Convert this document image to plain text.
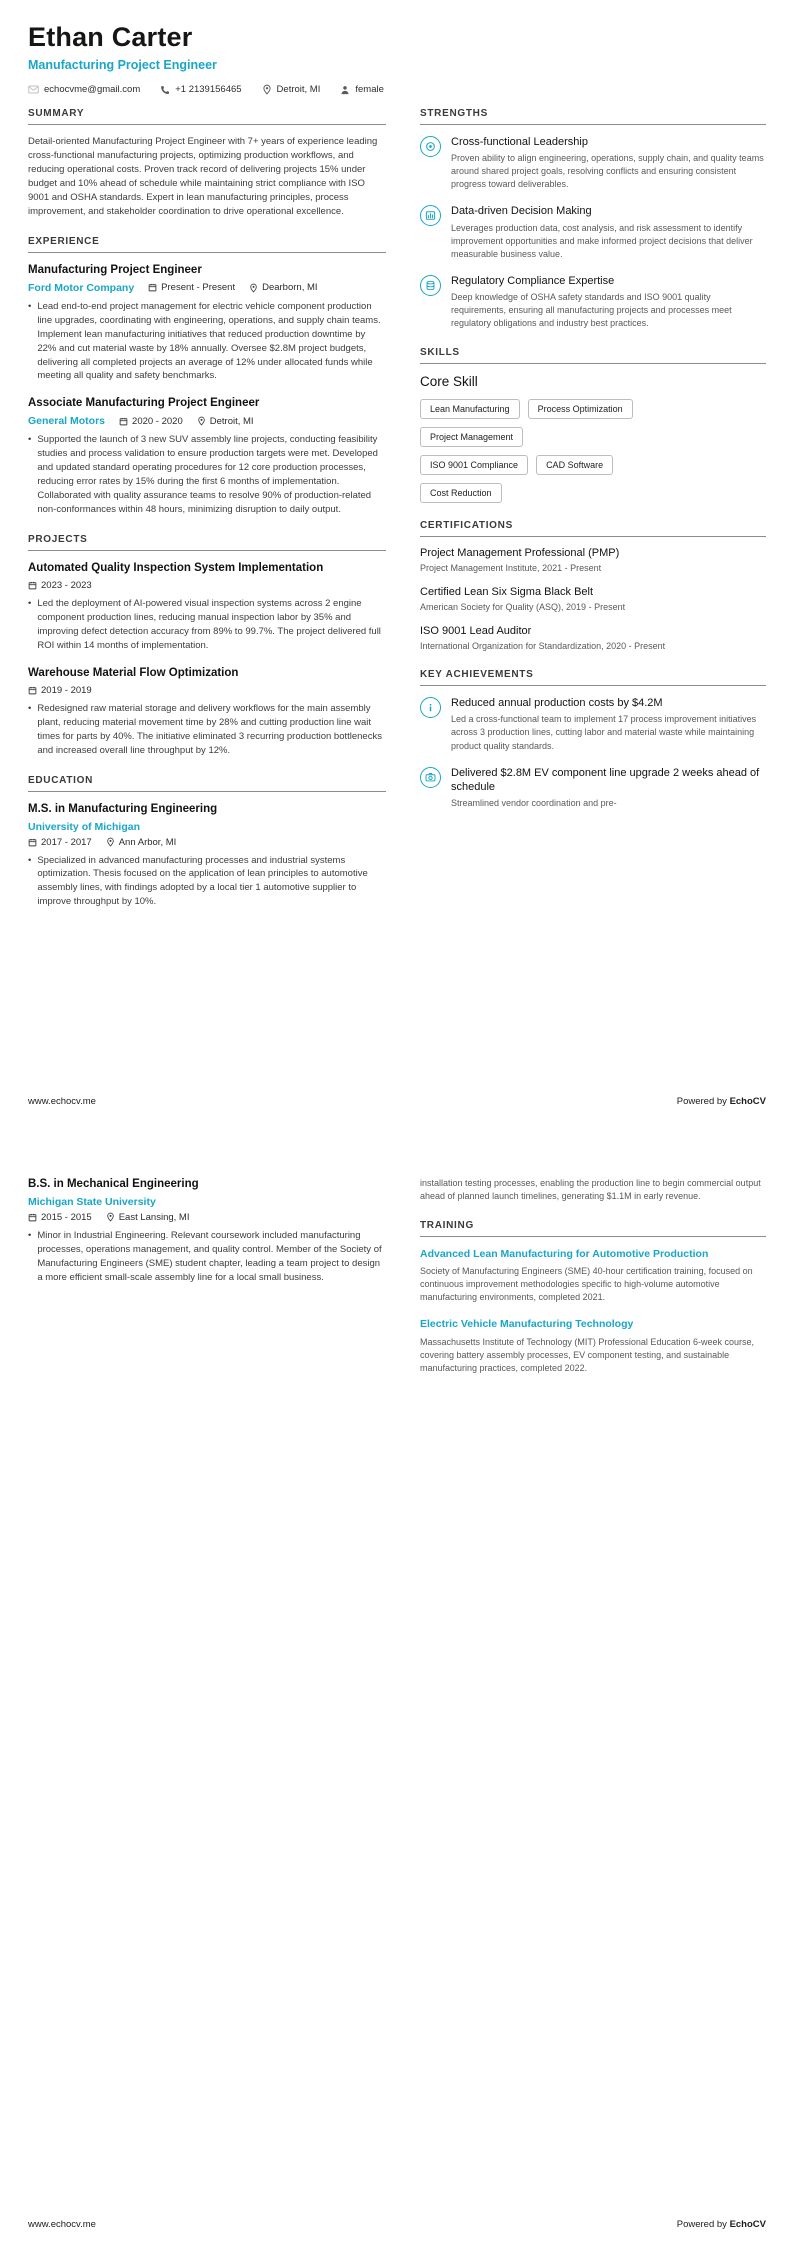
Ethan Carter
Manufacturing Project Engineer
echocvme@gmail.com	+1 2139156465	Detroit, MI	female
SUMMARY

Detail-oriented Manufacturing Project Engineer with 7+ years of experience leading cross-functional manufacturing projects, optimizing production workflows, and reducing operational costs. Proven track record of delivering projects 15% under budget and 10% ahead of schedule while maintaining strict compliance with ISO 9001 and OSHA standards. Expert in lean manufacturing principles, process improvement, and stakeholder coordination to drive operational excellence.

EXPERIENCE
Manufacturing Project Engineer
Ford Motor Company	Present - Present	Dearborn, MI
• Lead end-to-end project management for electric vehicle component production line upgrades, coordinating with engineering, operations, and supply chain teams. Implement lean manufacturing initiatives that reduced production downtime by 22% and cut material waste by 18% annually. Oversee $2.8M project budgets, delivering all completed projects an average of 12% under allocated funds while meeting all quality and safety benchmarks.
Associate Manufacturing Project Engineer
General Motors	2020 - 2020	Detroit, MI
• Supported the launch of 3 new SUV assembly line projects, conducting feasibility studies and process validation to ensure production targets were met. Developed and updated standard operating procedures for 12 core production processes, reducing error rates by 15% during the first 6 months of implementation. Collaborated with quality assurance teams to resolve 90% of production-related non-conformances within 48 hours, minimizing disruption to daily output.
PROJECTS
Automated Quality Inspection System Implementation
2023 - 2023
• Led the deployment of AI-powered visual inspection systems across 2 engine component production lines, reducing manual inspection labor by 35% and improving defect detection accuracy from 89% to 99.7%. The project delivered full ROI within 14 months of implementation.
Warehouse Material Flow Optimization
2019 - 2019
• Redesigned raw material storage and delivery workflows for the main assembly plant, reducing material movement time by 28% and cutting production line wait times for parts by 40%. The initiative eliminated 3 recurring production bottlenecks and increased overall line throughput by 12%.
EDUCATION
M.S. in Manufacturing Engineering
University of Michigan
2017 - 2017	Ann Arbor, MI
• Specialized in advanced manufacturing processes and industrial systems optimization. Thesis focused on the application of lean principles to automotive assembly lines, with findings adopted by a local tier 1 automotive supplier to improve throughput by 10%.
STRENGTHS
Cross-functional Leadership

Proven ability to align engineering, operations, supply chain, and quality teams around shared project goals, resolving conflicts and ensuring consistent progress toward deliverables.

Data-driven Decision Making

Leverages production data, cost analysis, and risk assessment to identify improvement opportunities and make informed project decisions that deliver measurable business value.

Regulatory Compliance Expertise

Deep knowledge of OSHA safety standards and ISO 9001 quality requirements, ensuring all manufacturing projects and processes meet regulatory obligations and industry best practices.

SKILLS
Core Skill
Lean Manufacturing	Process Optimization
Project Management
ISO 9001 Compliance	CAD Software
Cost Reduction
CERTIFICATIONS
Project Management Professional (PMP)
Project Management Institute, 2021 - Present
Certified Lean Six Sigma Black Belt
American Society for Quality (ASQ), 2019 - Present
ISO 9001 Lead Auditor
International Organization for Standardization, 2020 - Present
KEY ACHIEVEMENTS
Reduced annual production costs by $4.2M

Led a cross-functional team to implement 17 process improvement initiatives across 3 production lines, cutting labor and material waste while maintaining product quality standards.

Delivered $2.8M EV component line upgrade 2 weeks ahead of schedule

Streamlined vendor coordination and pre-

www.echocv.me	Powered by EchoCV
B.S. in Mechanical Engineering
Michigan State University
2015 - 2015	East Lansing, MI
• Minor in Industrial Engineering. Relevant coursework included manufacturing processes, operations management, and quality control. Member of the Society of Manufacturing Engineers (SME) student chapter, leading a team project to design a more efficient small-scale assembly line for a local small business.

installation testing processes, enabling the production line to begin commercial output ahead of planned launch timelines, generating $1.1M in early revenue.

TRAINING
Advanced Lean Manufacturing for Automotive Production

Society of Manufacturing Engineers (SME) 40-hour certification training, focused on continuous improvement methodologies specific to high-volume automotive manufacturing environments, completed 2021.

Electric Vehicle Manufacturing Technology

Massachusetts Institute of Technology (MIT) Professional Education 6-week course, covering battery assembly processes, EV component testing, and sustainable manufacturing practices, completed 2022.

www.echocv.me	Powered by EchoCV
